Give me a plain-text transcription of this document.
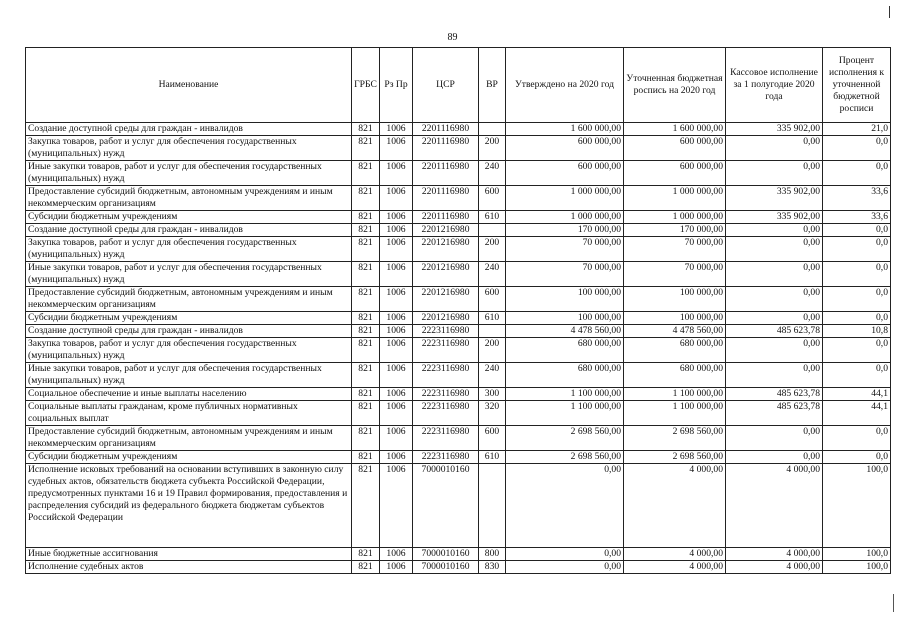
89
Наименование	ГРБС	Рз Пр	ЦСР	ВР	Утверждено на 2020 год	Уточненная бюджетная роспись на 2020 год	Кассовое исполнение за 1 полугодие 2020 года	Процент исполнения к уточненной бюджетной росписи
Создание доступной среды для граждан - инвалидов	821	1006	2201116980		1 600 000,00	1 600 000,00	335 902,00	21,0
Закупка товаров, работ и услуг для обеспечения государственных (муниципальных) нужд	821	1006	2201116980	200	600 000,00	600 000,00	0,00	0,0
Иные закупки товаров, работ и услуг для обеспечения государственных (муниципальных) нужд	821	1006	2201116980	240	600 000,00	600 000,00	0,00	0,0
Предоставление субсидий бюджетным, автономным учреждениям и иным некоммерческим организациям	821	1006	2201116980	600	1 000 000,00	1 000 000,00	335 902,00	33,6
Субсидии бюджетным учреждениям	821	1006	2201116980	610	1 000 000,00	1 000 000,00	335 902,00	33,6
Создание доступной среды для граждан - инвалидов	821	1006	2201216980		170 000,00	170 000,00	0,00	0,0
Закупка товаров, работ и услуг для обеспечения государственных (муниципальных) нужд	821	1006	2201216980	200	70 000,00	70 000,00	0,00	0,0
Иные закупки товаров, работ и услуг для обеспечения государственных (муниципальных) нужд	821	1006	2201216980	240	70 000,00	70 000,00	0,00	0,0
Предоставление субсидий бюджетным, автономным учреждениям и иным некоммерческим организациям	821	1006	2201216980	600	100 000,00	100 000,00	0,00	0,0
Субсидии бюджетным учреждениям	821	1006	2201216980	610	100 000,00	100 000,00	0,00	0,0
Создание доступной среды для граждан - инвалидов	821	1006	2223116980		4 478 560,00	4 478 560,00	485 623,78	10,8
Закупка товаров, работ и услуг для обеспечения государственных (муниципальных) нужд	821	1006	2223116980	200	680 000,00	680 000,00	0,00	0,0
Иные закупки товаров, работ и услуг для обеспечения государственных (муниципальных) нужд	821	1006	2223116980	240	680 000,00	680 000,00	0,00	0,0
Социальное обеспечение и иные выплаты населению	821	1006	2223116980	300	1 100 000,00	1 100 000,00	485 623,78	44,1
Социальные выплаты гражданам, кроме публичных нормативных социальных выплат	821	1006	2223116980	320	1 100 000,00	1 100 000,00	485 623,78	44,1
Предоставление субсидий бюджетным, автономным учреждениям и иным некоммерческим организациям	821	1006	2223116980	600	2 698 560,00	2 698 560,00	0,00	0,0
Субсидии бюджетным учреждениям	821	1006	2223116980	610	2 698 560,00	2 698 560,00	0,00	0,0
Исполнение исковых требований на основании вступивших в законную силу судебных актов, обязательств бюджета субъекта Российской Федерации, предусмотренных пунктами 16 и 19 Правил формирования, предоставления и распределения субсидий из федерального бюджета бюджетам субъектов Российской Федерации	821	1006	7000010160		0,00	4 000,00	4 000,00	100,0
Иные бюджетные ассигнования	821	1006	7000010160	800	0,00	4 000,00	4 000,00	100,0
Исполнение судебных актов	821	1006	7000010160	830	0,00	4 000,00	4 000,00	100,0
